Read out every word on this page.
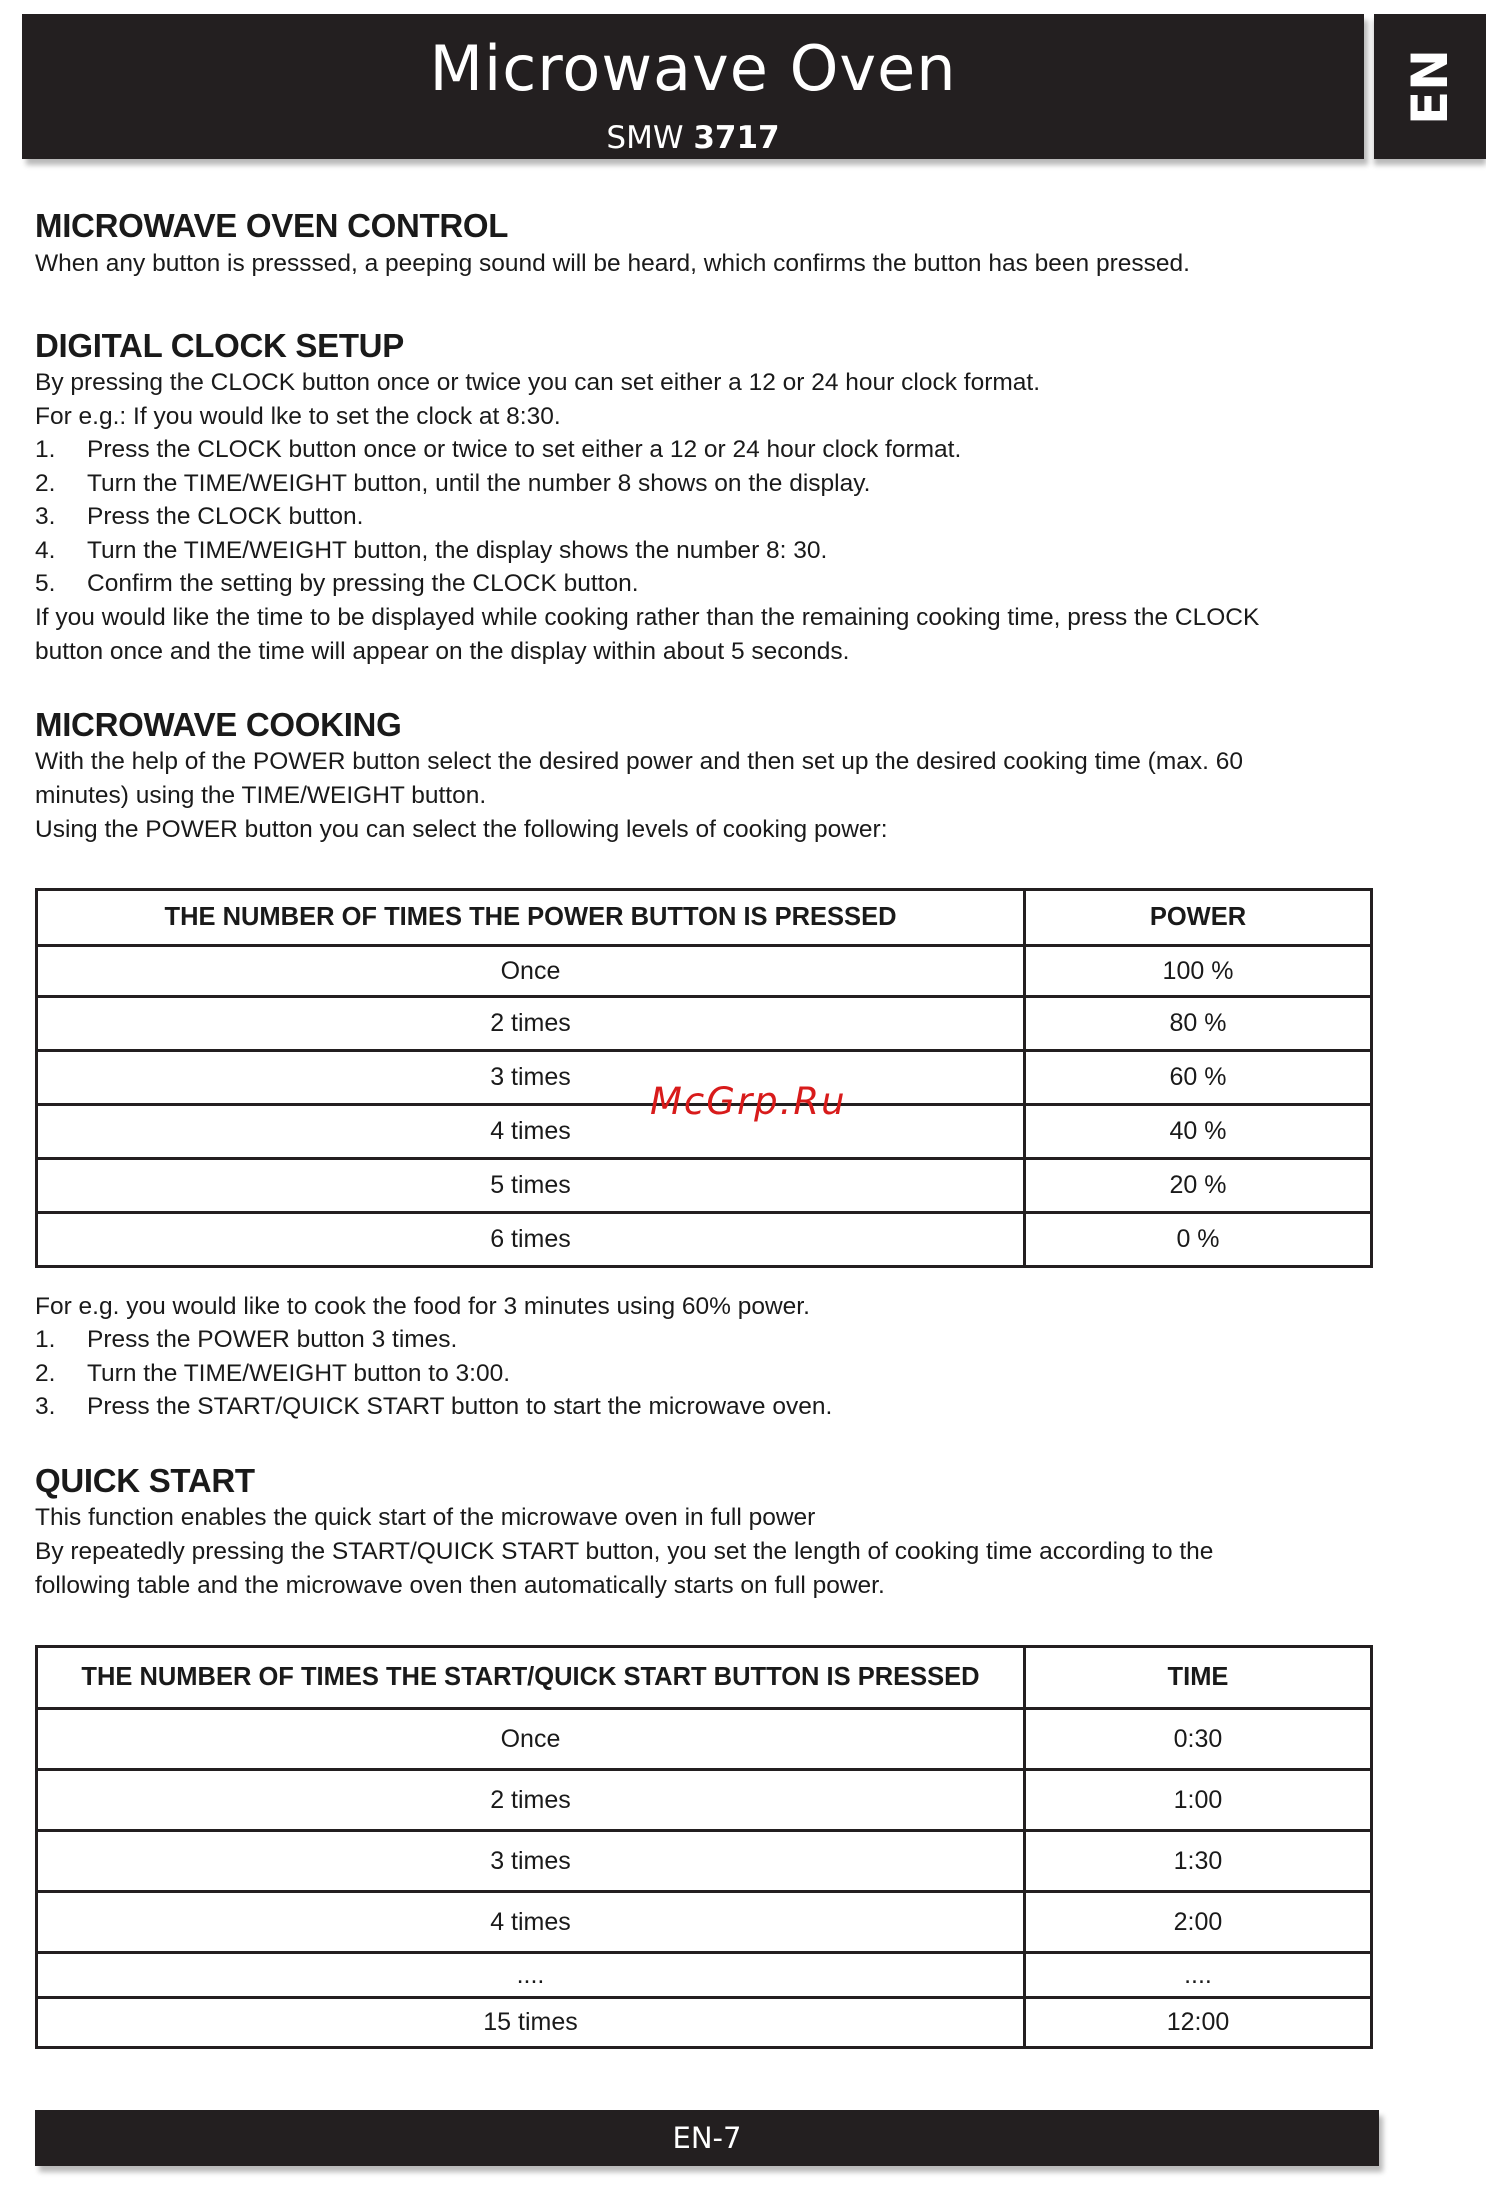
Microwave Oven
SMW 3717
EN
MICROWAVE OVEN CONTROL

When any button is presssed, a peeping sound will be heard, which confirms the button has been pressed.

DIGITAL CLOCK SETUP

By pressing the CLOCK button once or twice you can set either a 12 or 24 hour clock format.

For e.g.: If you would lke to set the clock at 8:30.

1. Press the CLOCK button once or twice to set either a 12 or 24 hour clock format.
2. Turn the TIME/WEIGHT button, until the number 8 shows on the display.
3. Press the CLOCK button.
4. Turn the TIME/WEIGHT button, the display shows the number 8: 30.
5. Confirm the setting by pressing the CLOCK button.

If you would like the time to be displayed while cooking rather than the remaining cooking time, press the CLOCK

button once and the time will appear on the display within about 5 seconds.

MICROWAVE COOKING

With the help of the POWER button select the desired power and then set up the desired cooking time (max. 60

minutes) using the TIME/WEIGHT button.

Using the POWER button you can select the following levels of cooking power:

THE NUMBER OF TIMES THE POWER BUTTON IS PRESSED	POWER
Once	100 %
2 times	80 %
3 times	60 %
4 times	40 %
5 times	20 %
6 times	0 %

For e.g. you would like to cook the food for 3 minutes using 60% power.

1. Press the POWER button 3 times.
2. Turn the TIME/WEIGHT button to 3:00.
3. Press the START/QUICK START button to start the microwave oven.
QUICK START

This function enables the quick start of the microwave oven in full power

By repeatedly pressing the START/QUICK START button, you set the length of cooking time according to the

following table and the microwave oven then automatically starts on full power.

THE NUMBER OF TIMES THE START/QUICK START BUTTON IS PRESSED	TIME
Once	0:30
2 times	1:00
3 times	1:30
4 times	2:00
....	....
15 times	12:00
McGrp.Ru
EN-7
